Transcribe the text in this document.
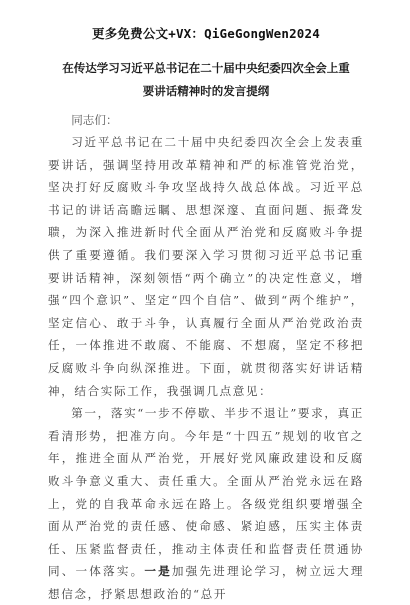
更多免费公文+VX：QiGeGongWen2024
在传达学习习近平总书记在二十届中央纪委四次全会上重
要讲话精神时的发言提纲

同志们：

习近平总书记在二十届中央纪委四次全会上发表重要讲话，强调坚持用改革精神和严的标准管党治党，坚决打好反腐败斗争攻坚战持久战总体战。习近平总书记的讲话高瞻远瞩、思想深邃、直面问题、振聋发聩，为深入推进新时代全面从严治党和反腐败斗争提供了重要遵循。我们要深入学习贯彻习近平总书记重要讲话精神，深刻领悟“两个确立”的决定性意义，增强“四个意识”、坚定“四个自信”、做到“两个维护”，坚定信心、敢于斗争，认真履行全面从严治党政治责任，一体推进不敢腐、不能腐、不想腐，坚定不移把反腐败斗争向纵深推进。下面，就贯彻落实好讲话精神，结合实际工作，我强调几点意见：

第一，落实“一步不停歇、半步不退让”要求，真正看清形势，把准方向。今年是“十四五”规划的收官之年，推进全面从严治党，开展好党风廉政建设和反腐败斗争意义重大、责任重大。全面从严治党永远在路上，党的自我革命永远在路上。各级党组织要增强全面从严治党的责任感、使命感、紧迫感，压实主体责任、压紧监督责任，推动主体责任和监督责任贯通协同、一体落实。一是加强先进理论学习，树立远大理想信念，抒紧思想政治的“总开
